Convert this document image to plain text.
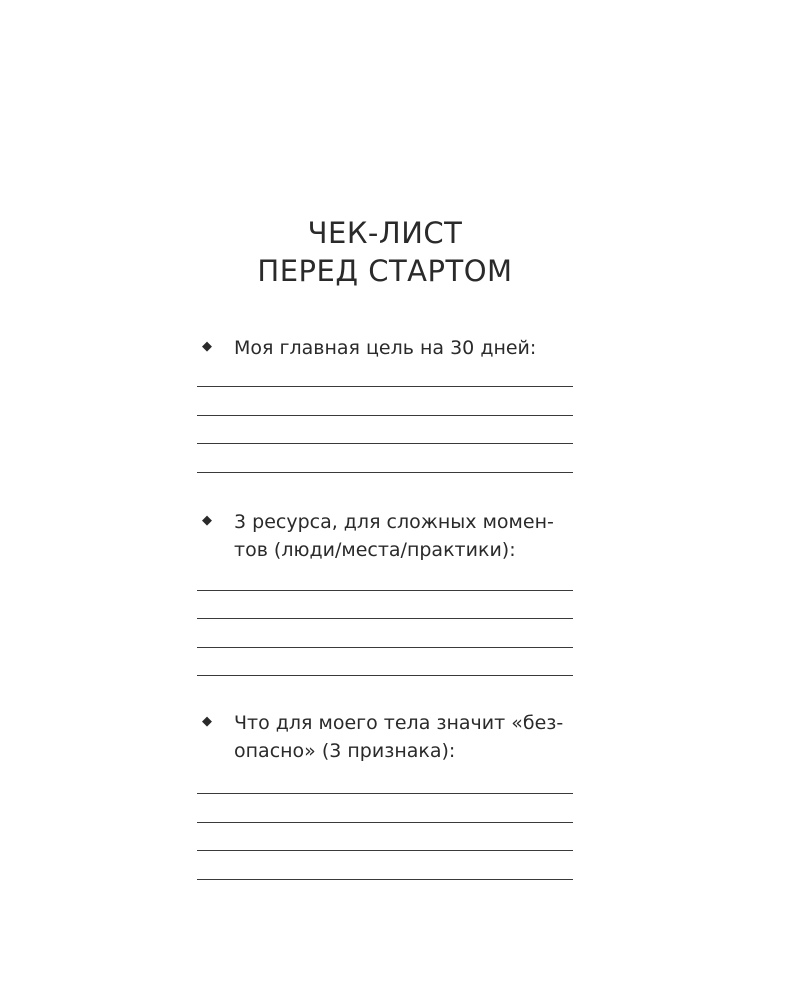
ЧЕК-ЛИСТ
ПЕРЕД СТАРТОМ
◆ Моя главная цель на 30 дней:
◆ 3 ресурса, для сложных момен-
тов (люди/места/практики):
◆ Что для моего тела значит «без-
опасно» (3 признака):
